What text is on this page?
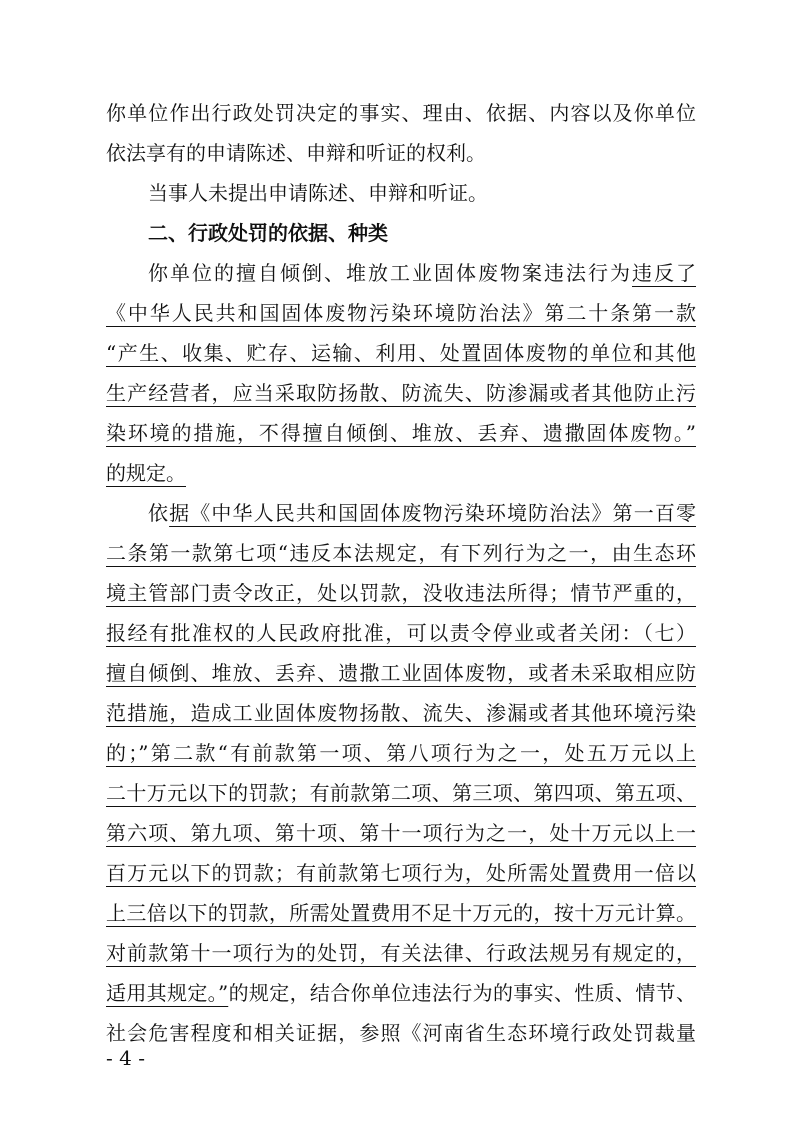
你单位作出行政处罚决定的事实、理由、依据、内容以及你单位
依法享有的申请陈述、申辩和听证的权利。
当事人未提出申请陈述、申辩和听证。
二、行政处罚的依据、种类
你单位的擅自倾倒、堆放工业固体废物案违法行为违反了
《中华人民共和国固体废物污染环境防治法》第二十条第一款
“产生、收集、贮存、运输、利用、处置固体废物的单位和其他
生产经营者，应当采取防扬散、防流失、防渗漏或者其他防止污
染环境的措施，不得擅自倾倒、堆放、丢弃、遗撒固体废物。”
的规定。
依据《中华人民共和国固体废物污染环境防治法》第一百零
二条第一款第七项“违反本法规定，有下列行为之一，由生态环
境主管部门责令改正，处以罚款，没收违法所得；情节严重的，
报经有批准权的人民政府批准，可以责令停业或者关闭：（七）
擅自倾倒、堆放、丢弃、遗撒工业固体废物，或者未采取相应防
范措施，造成工业固体废物扬散、流失、渗漏或者其他环境污染
的；”第二款“有前款第一项、第八项行为之一，处五万元以上
二十万元以下的罚款；有前款第二项、第三项、第四项、第五项、
第六项、第九项、第十项、第十一项行为之一，处十万元以上一
百万元以下的罚款；有前款第七项行为，处所需处置费用一倍以
上三倍以下的罚款，所需处置费用不足十万元的，按十万元计算。
对前款第十一项行为的处罚，有关法律、行政法规另有规定的，
适用其规定。”的规定，结合你单位违法行为的事实、性质、情节、
社会危害程度和相关证据，参照《河南省生态环境行政处罚裁量
- 4 -
